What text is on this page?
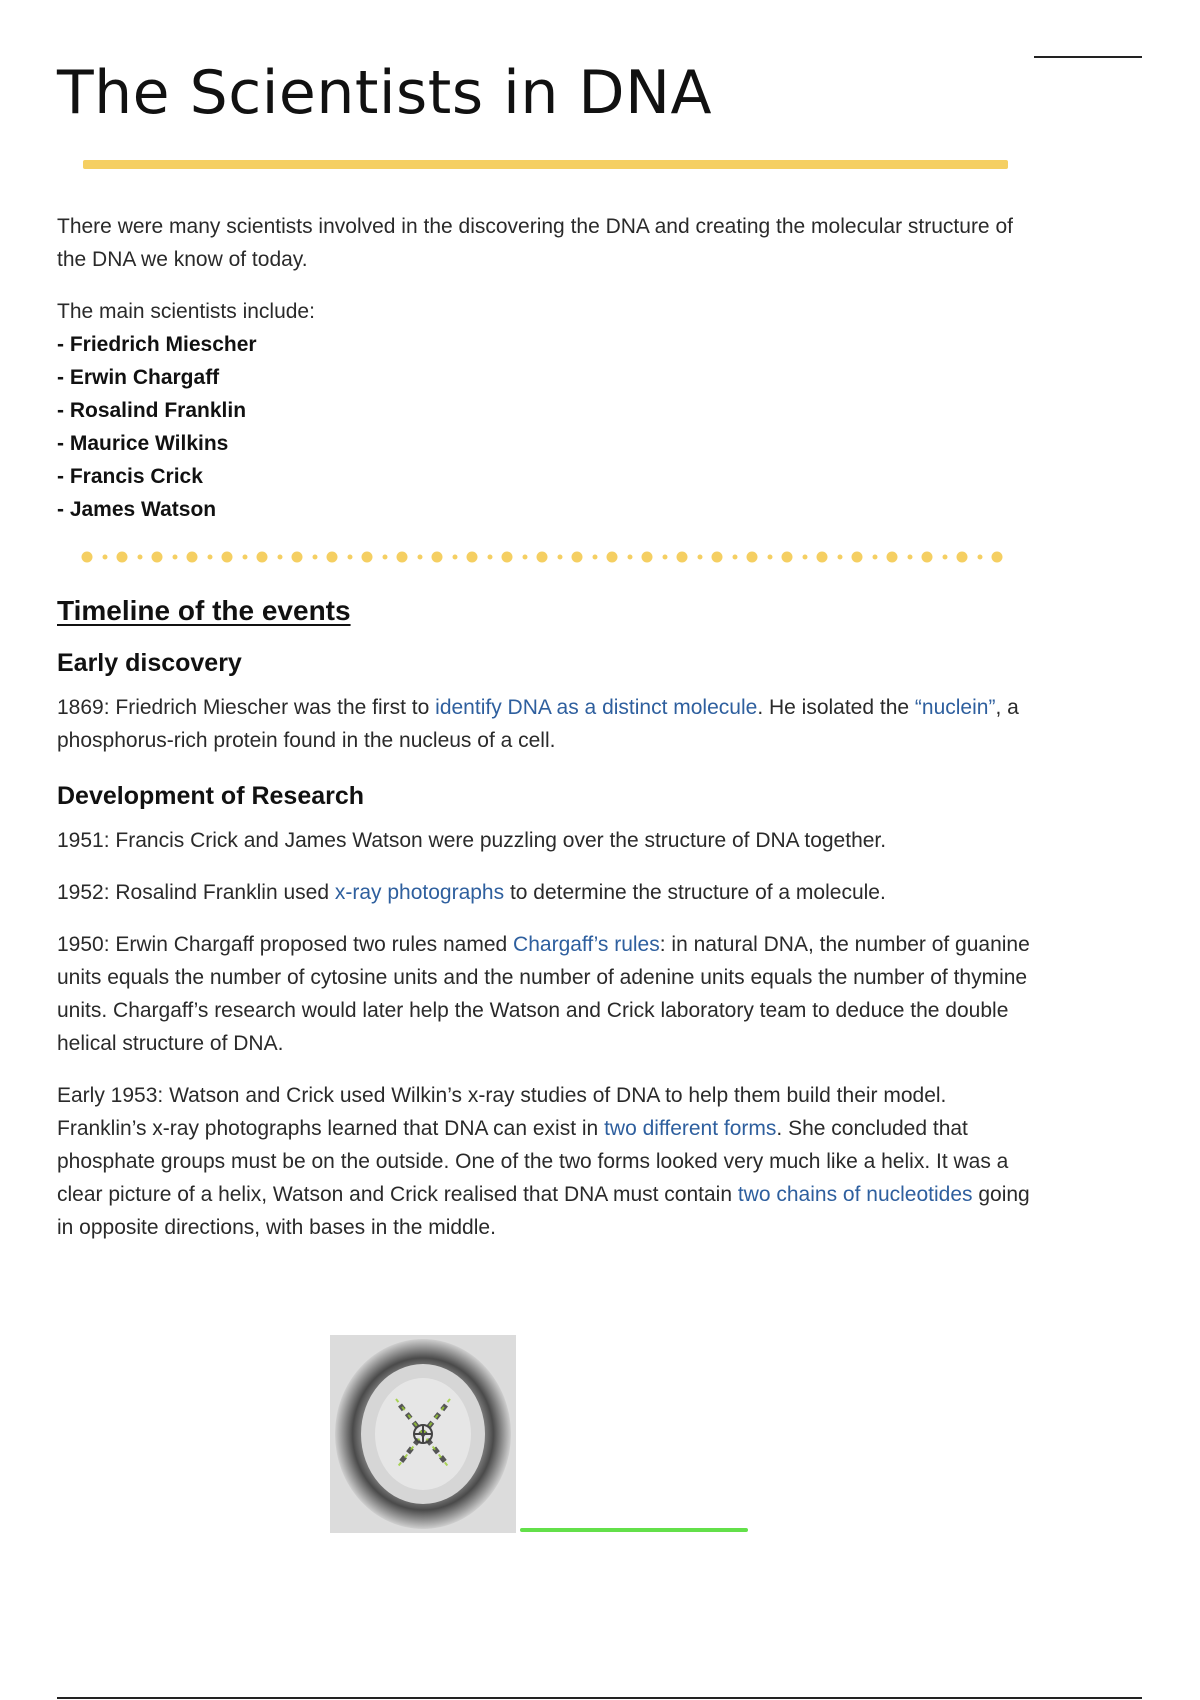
The Scientists in DNA

There were many scientists involved in the discovering the DNA and creating the molecular structure of the DNA we know of today.

The main scientists include:

- Friedrich Miescher
- Erwin Chargaff
- Rosalind Franklin
- Maurice Wilkins
- Francis Crick
- James Watson
Timeline of the events
Early discovery

1869: Friedrich Miescher was the first to identify DNA as a distinct molecule. He isolated the “nuclein”, a phosphorus-rich protein found in the nucleus of a cell.

Development of Research

1951: Francis Crick and James Watson were puzzling over the structure of DNA together.

1952: Rosalind Franklin used x-ray photographs to determine the structure of a molecule.

1950: Erwin Chargaff proposed two rules named Chargaff’s rules: in natural DNA, the number of guanine units equals the number of cytosine units and the number of adenine units equals the number of thymine units. Chargaff’s research would later help the Watson and Crick laboratory team to deduce the double helical structure of DNA.

Early 1953: Watson and Crick used Wilkin’s x-ray studies of DNA to help them build their model. Franklin’s x-ray photographs learned that DNA can exist in two different forms. She concluded that phosphate groups must be on the outside. One of the two forms looked very much like a helix. It was a clear picture of a helix, Watson and Crick realised that DNA must contain two chains of nucleotides going in opposite directions, with bases in the middle.
